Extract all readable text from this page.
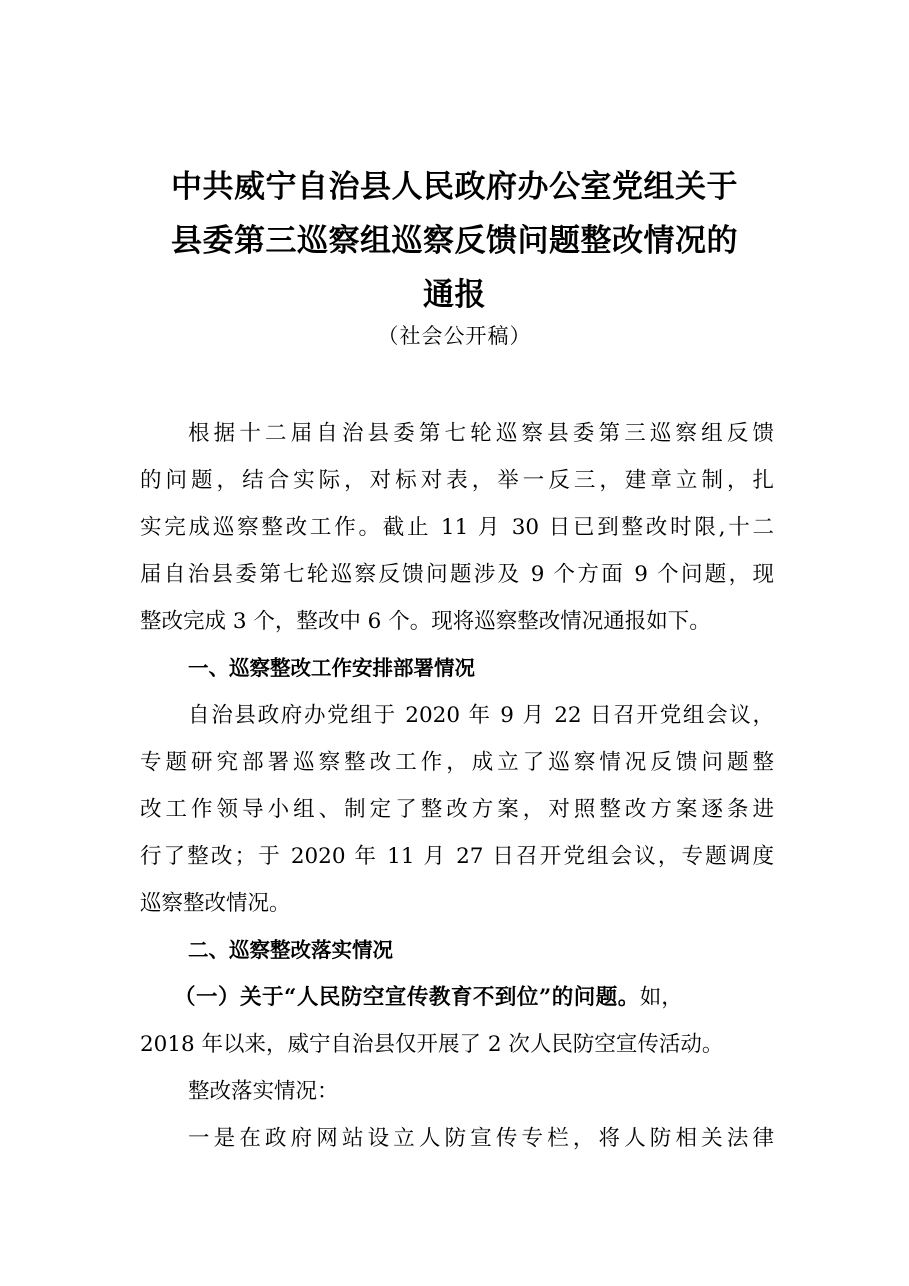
中共威宁自治县人民政府办公室党组关于
县委第三巡察组巡察反馈问题整改情况的
通报
（社会公开稿）
根据十二届自治县委第七轮巡察县委第三巡察组反馈
的问题，结合实际，对标对表，举一反三，建章立制，扎
实完成巡察整改工作。截止 11 月 30 日已到整改时限,十二
届自治县委第七轮巡察反馈问题涉及 9 个方面 9 个问题，现
整改完成 3 个，整改中 6 个。现将巡察整改情况通报如下。
一、巡察整改工作安排部署情况
自治县政府办党组于 2020 年 9 月 22 日召开党组会议，
专题研究部署巡察整改工作，成立了巡察情况反馈问题整
改工作领导小组、制定了整改方案，对照整改方案逐条进
行了整改；于 2020 年 11 月 27 日召开党组会议，专题调度
巡察整改情况。
二、巡察整改落实情况
（一）关于“人民防空宣传教育不到位”的问题。如，
2018 年以来，威宁自治县仅开展了 2 次人民防空宣传活动。
整改落实情况：
一是在政府网站设立人防宣传专栏，将人防相关法律
